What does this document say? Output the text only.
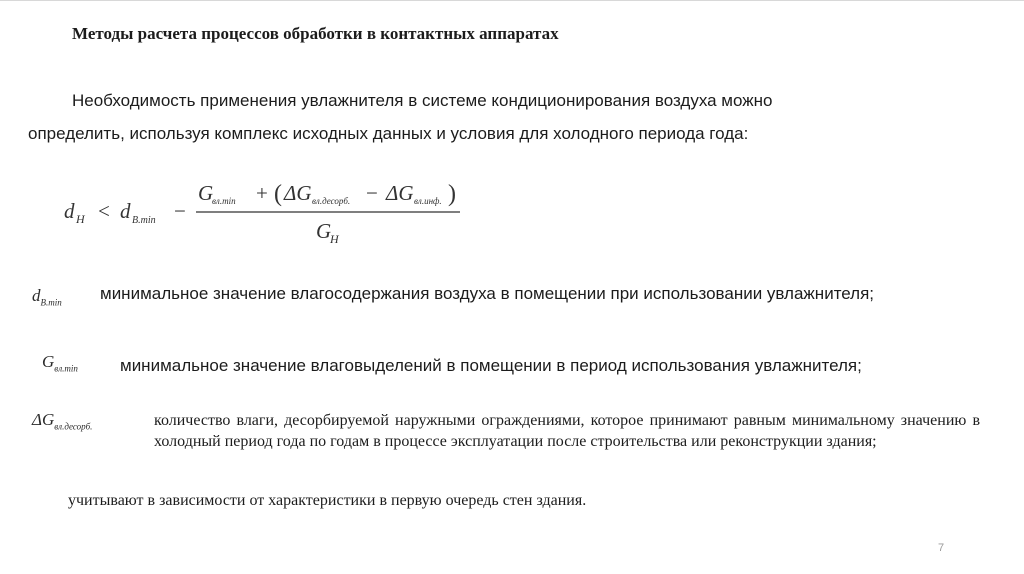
Методы расчета процессов обработки в контактных аппаратах
Необходимость применения увлажнителя в системе кондиционирования воздуха можно
определить, используя комплекс исходных данных и условия для холодного периода года:
d Н < d В.min −
G
вл.min + ( ΔG вл.десорб. − ΔG вл.инф. )
G
Н
$d_{В.min}$ минимальное значение влагосодержания воздуха в помещении при использовании увлажнителя;
$G_{вл.min}$ минимальное значение влаговыделений в помещении в период использования увлажнителя;
$\Delta G_{вл.десорб.}$	количество влаги, десорбируемой наружными ограждениями, которое принимают равным минимальному значению в холодный период года по годам в процессе эксплуатации после строительства или реконструкции здания;
учитывают в зависимости от характеристики в первую очередь стен здания.
7
